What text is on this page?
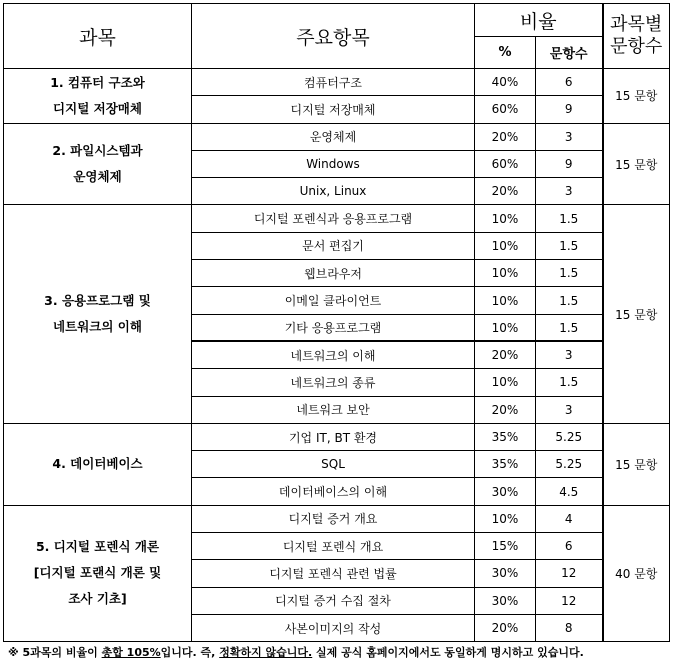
과목	주요항목	비율		과목별
문항수
		%	문항수	
1. 컴퓨터 구조와
디지털 저장매체	컴퓨터구조	40%	6	15 문항
	디지털 저장매체	60%	9	
2. 파일시스템과
운영체제	운영체제	20%	3	15 문항
	Windows	60%	9	
	Unix, Linux	20%	3	
3. 응용프로그램 및
네트워크의 이해	디지털 포렌식과 응용프로그램	10%	1.5	15 문항
	문서 편집기	10%	1.5	
	웹브라우저	10%	1.5	
	이메일 클라이언트	10%	1.5	
	기타 응용프로그램	10%	1.5	
	네트워크의 이해	20%	3	
	네트워크의 종류	10%	1.5	
	네트워크 보안	20%	3	
4. 데이터베이스	기업 IT, BT 환경	35%	5.25	15 문항
	SQL	35%	5.25	
	데이터베이스의 이해	30%	4.5	
5. 디지털 포렌식 개론
[디지털 포랜식 개론 및
조사 기초]	디지털 증거 개요	10%	4	40 문항
	디지털 포렌식 개요	15%	6	
	디지털 포렌식 관련 법률	30%	12	
	디지털 증거 수집 절차	30%	12	
	사본이미지의 작성	20%	8	
※ 5과목의 비율이 총합 105%입니다. 즉, 정확하지 않습니다. 실제 공식 홈페이지에서도 동일하게 명시하고 있습니다.
